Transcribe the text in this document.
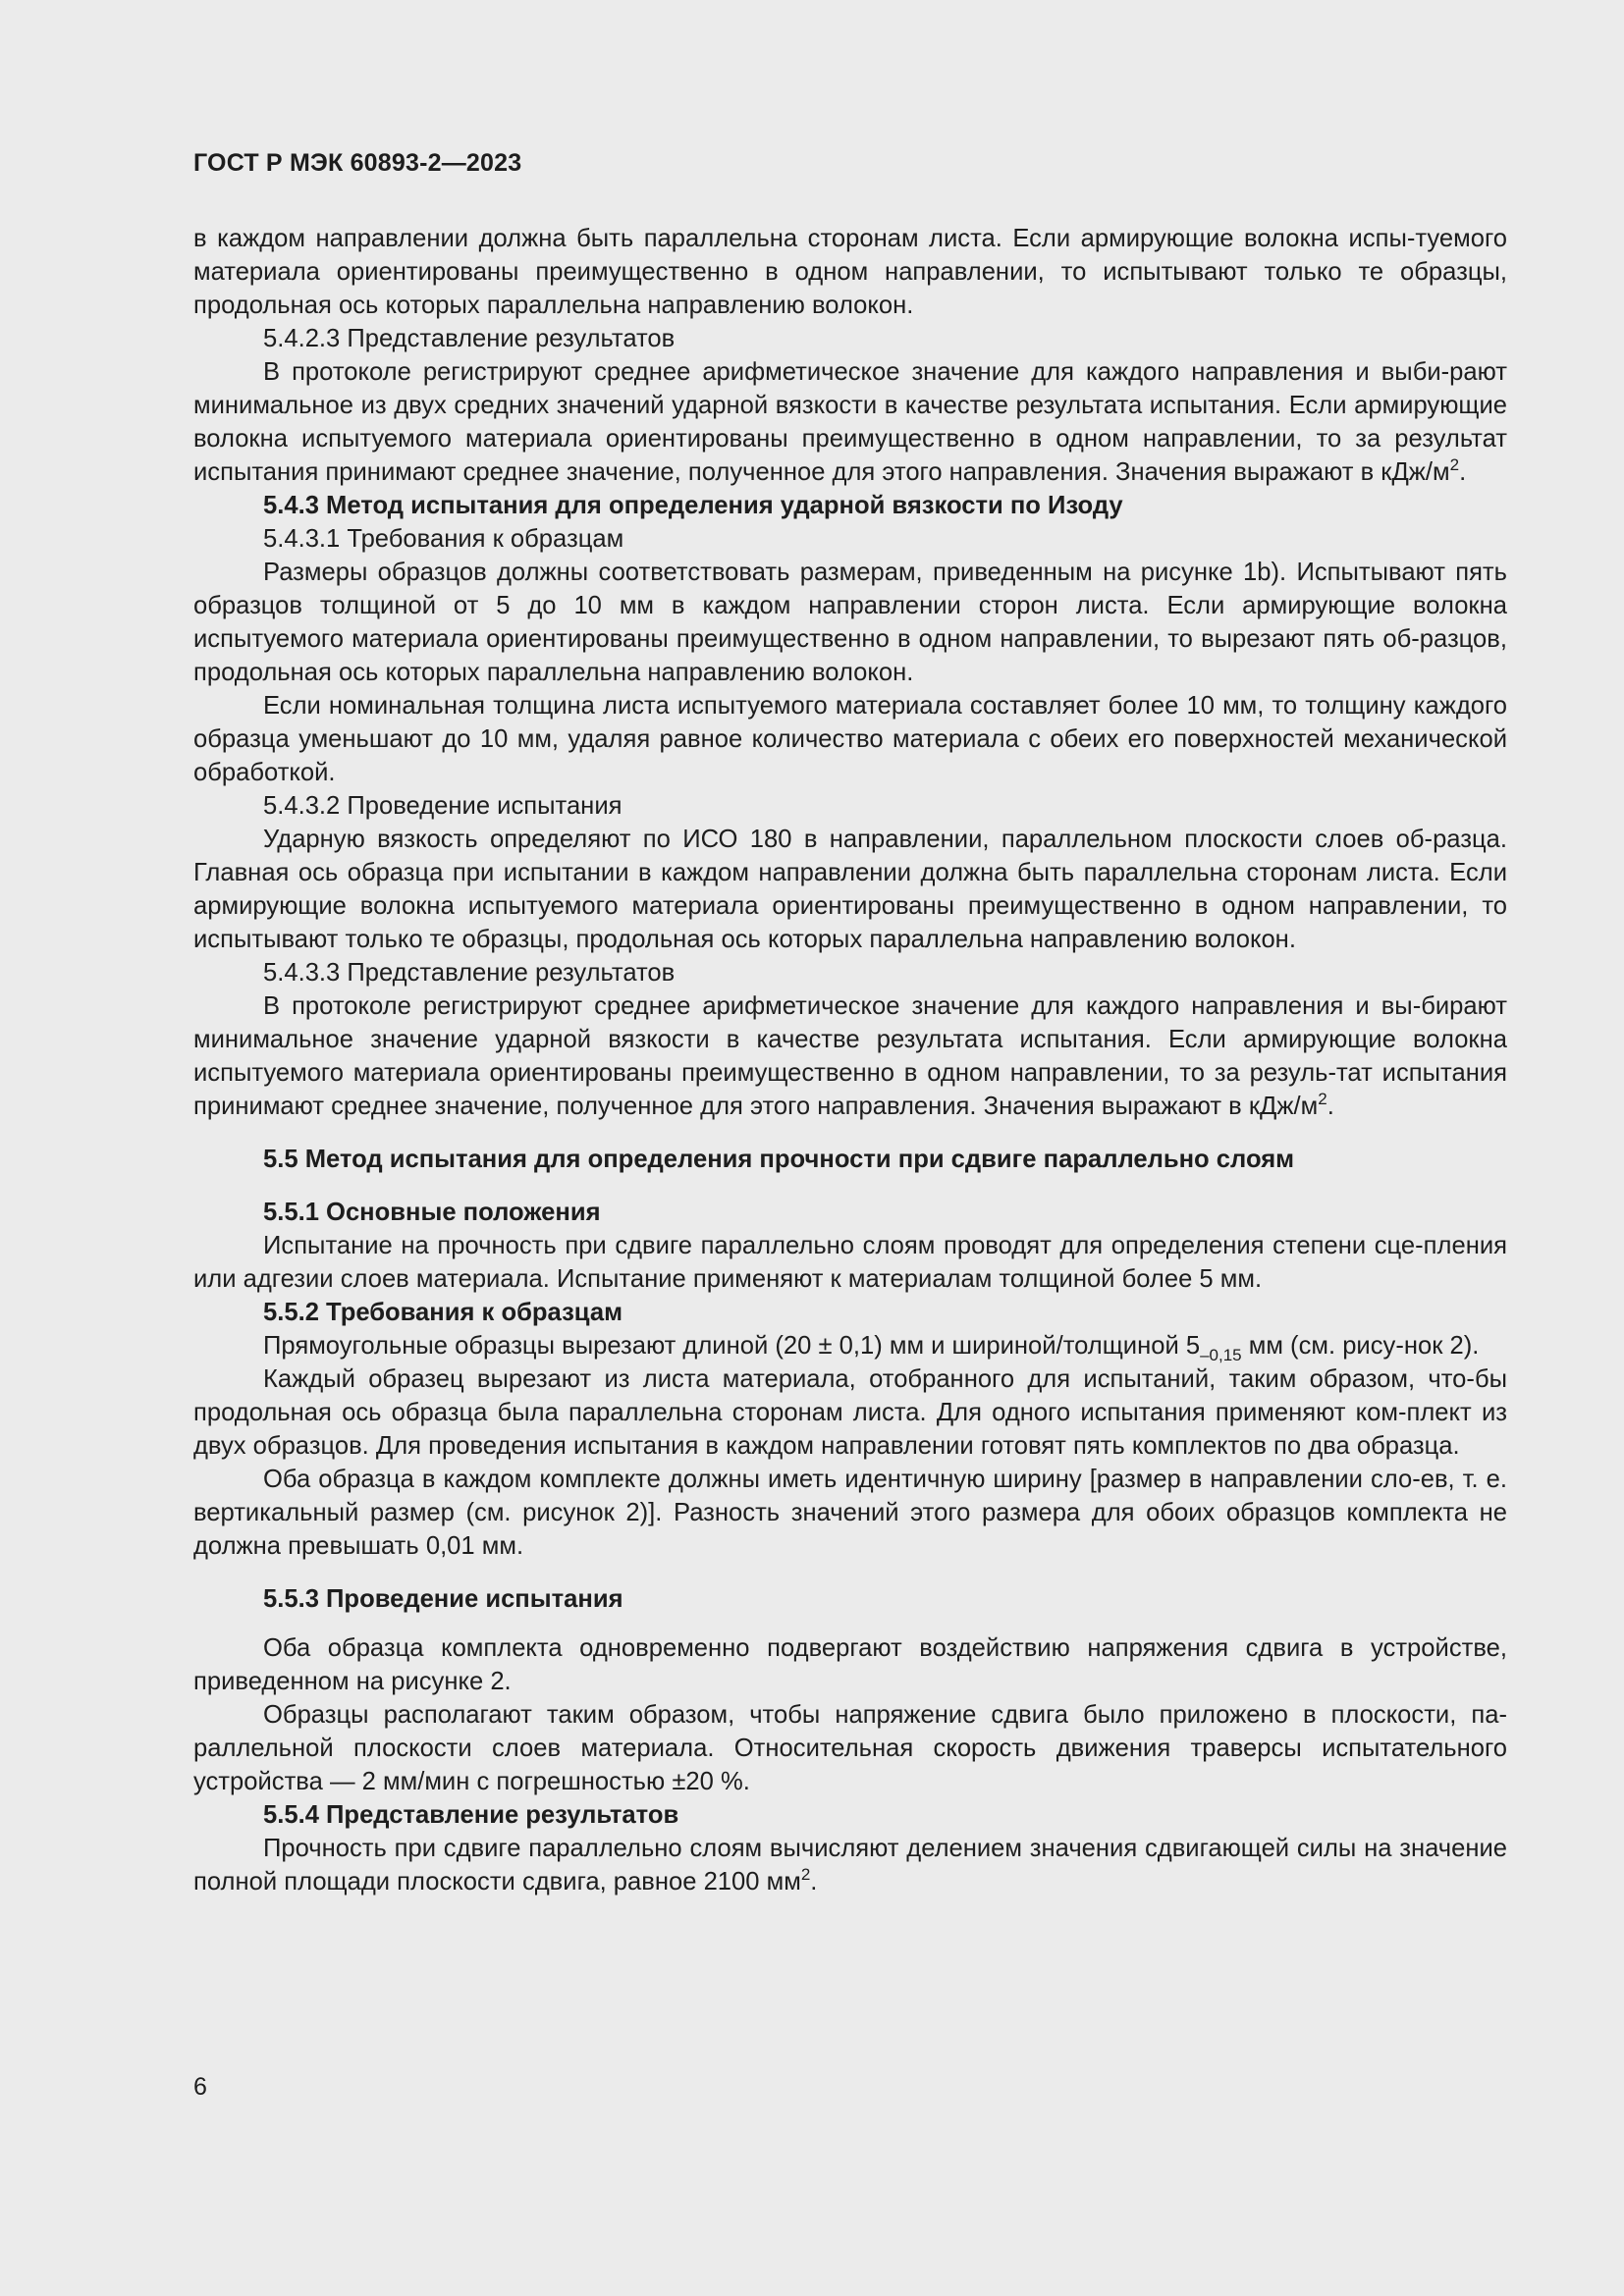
ГОСТ Р МЭК 60893-2—2023

в каждом направлении должна быть параллельна сторонам листа. Если армирующие волокна испы-туемого материала ориентированы преимущественно в одном направлении, то испытывают только те образцы, продольная ось которых параллельна направлению волокон.

5.4.2.3 Представление результатов

В протоколе регистрируют среднее арифметическое значение для каждого направления и выби-рают минимальное из двух средних значений ударной вязкости в качестве результата испытания. Если армирующие волокна испытуемого материала ориентированы преимущественно в одном направлении, то за результат испытания принимают среднее значение, полученное для этого направления. Значения выражают в кДж/$м^2$.

5.4.3 Метод испытания для определения ударной вязкости по Изоду

5.4.3.1 Требования к образцам

Размеры образцов должны соответствовать размерам, приведенным на рисунке 1b). Испытывают пять образцов толщиной от 5 до 10 мм в каждом направлении сторон листа. Если армирующие волокна испытуемого материала ориентированы преимущественно в одном направлении, то вырезают пять об-разцов, продольная ось которых параллельна направлению волокон.

Если номинальная толщина листа испытуемого материала составляет более 10 мм, то толщину каждого образца уменьшают до 10 мм, удаляя равное количество материала с обеих его поверхностей механической обработкой.

5.4.3.2 Проведение испытания

Ударную вязкость определяют по ИСО 180 в направлении, параллельном плоскости слоев об-разца. Главная ось образца при испытании в каждом направлении должна быть параллельна сторонам листа. Если армирующие волокна испытуемого материала ориентированы преимущественно в одном направлении, то испытывают только те образцы, продольная ось которых параллельна направлению волокон.

5.4.3.3 Представление результатов

В протоколе регистрируют среднее арифметическое значение для каждого направления и вы-бирают минимальное значение ударной вязкости в качестве результата испытания. Если армирующие волокна испытуемого материала ориентированы преимущественно в одном направлении, то за резуль-тат испытания принимают среднее значение, полученное для этого направления. Значения выражают в кДж/$м^2$.

5.5 Метод испытания для определения прочности при сдвиге параллельно слоям

5.5.1 Основные положения

Испытание на прочность при сдвиге параллельно слоям проводят для определения степени сце-пления или адгезии слоев материала. Испытание применяют к материалам толщиной более 5 мм.

5.5.2 Требования к образцам

Прямоугольные образцы вырезают длиной (20 ± 0,1) мм и шириной/толщиной $5_{-0,15}$ мм (см. рису-нок 2).

Каждый образец вырезают из листа материала, отобранного для испытаний, таким образом, что-бы продольная ось образца была параллельна сторонам листа. Для одного испытания применяют ком-плект из двух образцов. Для проведения испытания в каждом направлении готовят пять комплектов по два образца.

Оба образца в каждом комплекте должны иметь идентичную ширину [размер в направлении сло-ев, т. е. вертикальный размер (см. рисунок 2)]. Разность значений этого размера для обоих образцов комплекта не должна превышать 0,01 мм.

5.5.3 Проведение испытания

Оба образца комплекта одновременно подвергают воздействию напряжения сдвига в устройстве, приведенном на рисунке 2.

Образцы располагают таким образом, чтобы напряжение сдвига было приложено в плоскости, па-раллельной плоскости слоев материала. Относительная скорость движения траверсы испытательного устройства — 2 мм/мин с погрешностью ±20 %.

5.5.4 Представление результатов

Прочность при сдвиге параллельно слоям вычисляют делением значения сдвигающей силы на значение полной площади плоскости сдвига, равное 2100 $мм^2$.

6
